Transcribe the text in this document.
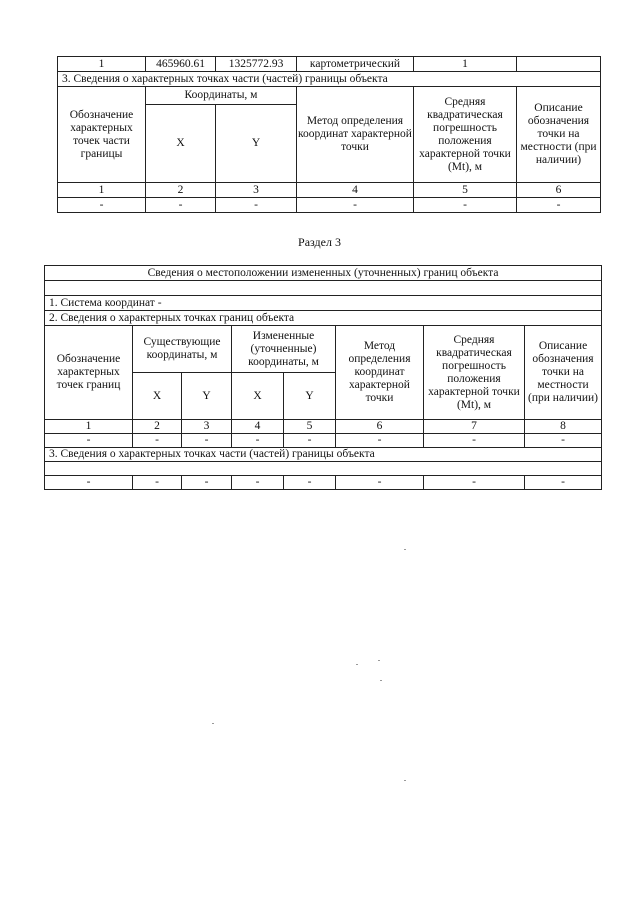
1	465960.61	1325772.93	картометрический	1	
3. Сведения о характерных точках части (частей) границы объекта					
Обозначение характерных точек части границы	Координаты, м		Метод определения координат характерной точки	Средняя квадратическая погрешность положения характерной точки (Mt), м	Описание обозначения точки на местности (при наличии)
	X	Y			
1	2	3	4	5	6
-	-	-	-	-	-
Раздел 3
Сведения о местоположении измененных (уточненных) границ объекта							

1. Система координат -							
2. Сведения о характерных точках границ объекта							
Обозначение характерных точек границ	Существующие координаты, м		Измененные (уточненные) координаты, м		Метод определения координат характерной точки	Средняя квадратическая погрешность положения характерной точки (Mt), м	Описание обозначения точки на местности (при наличии)
	X	Y	X	Y			
1	2	3	4	5	6	7	8
-	-	-	-	-	-	-	-
3. Сведения о характерных точках части (частей) границы объекта							

-	-	-	-	-	-	-	-
